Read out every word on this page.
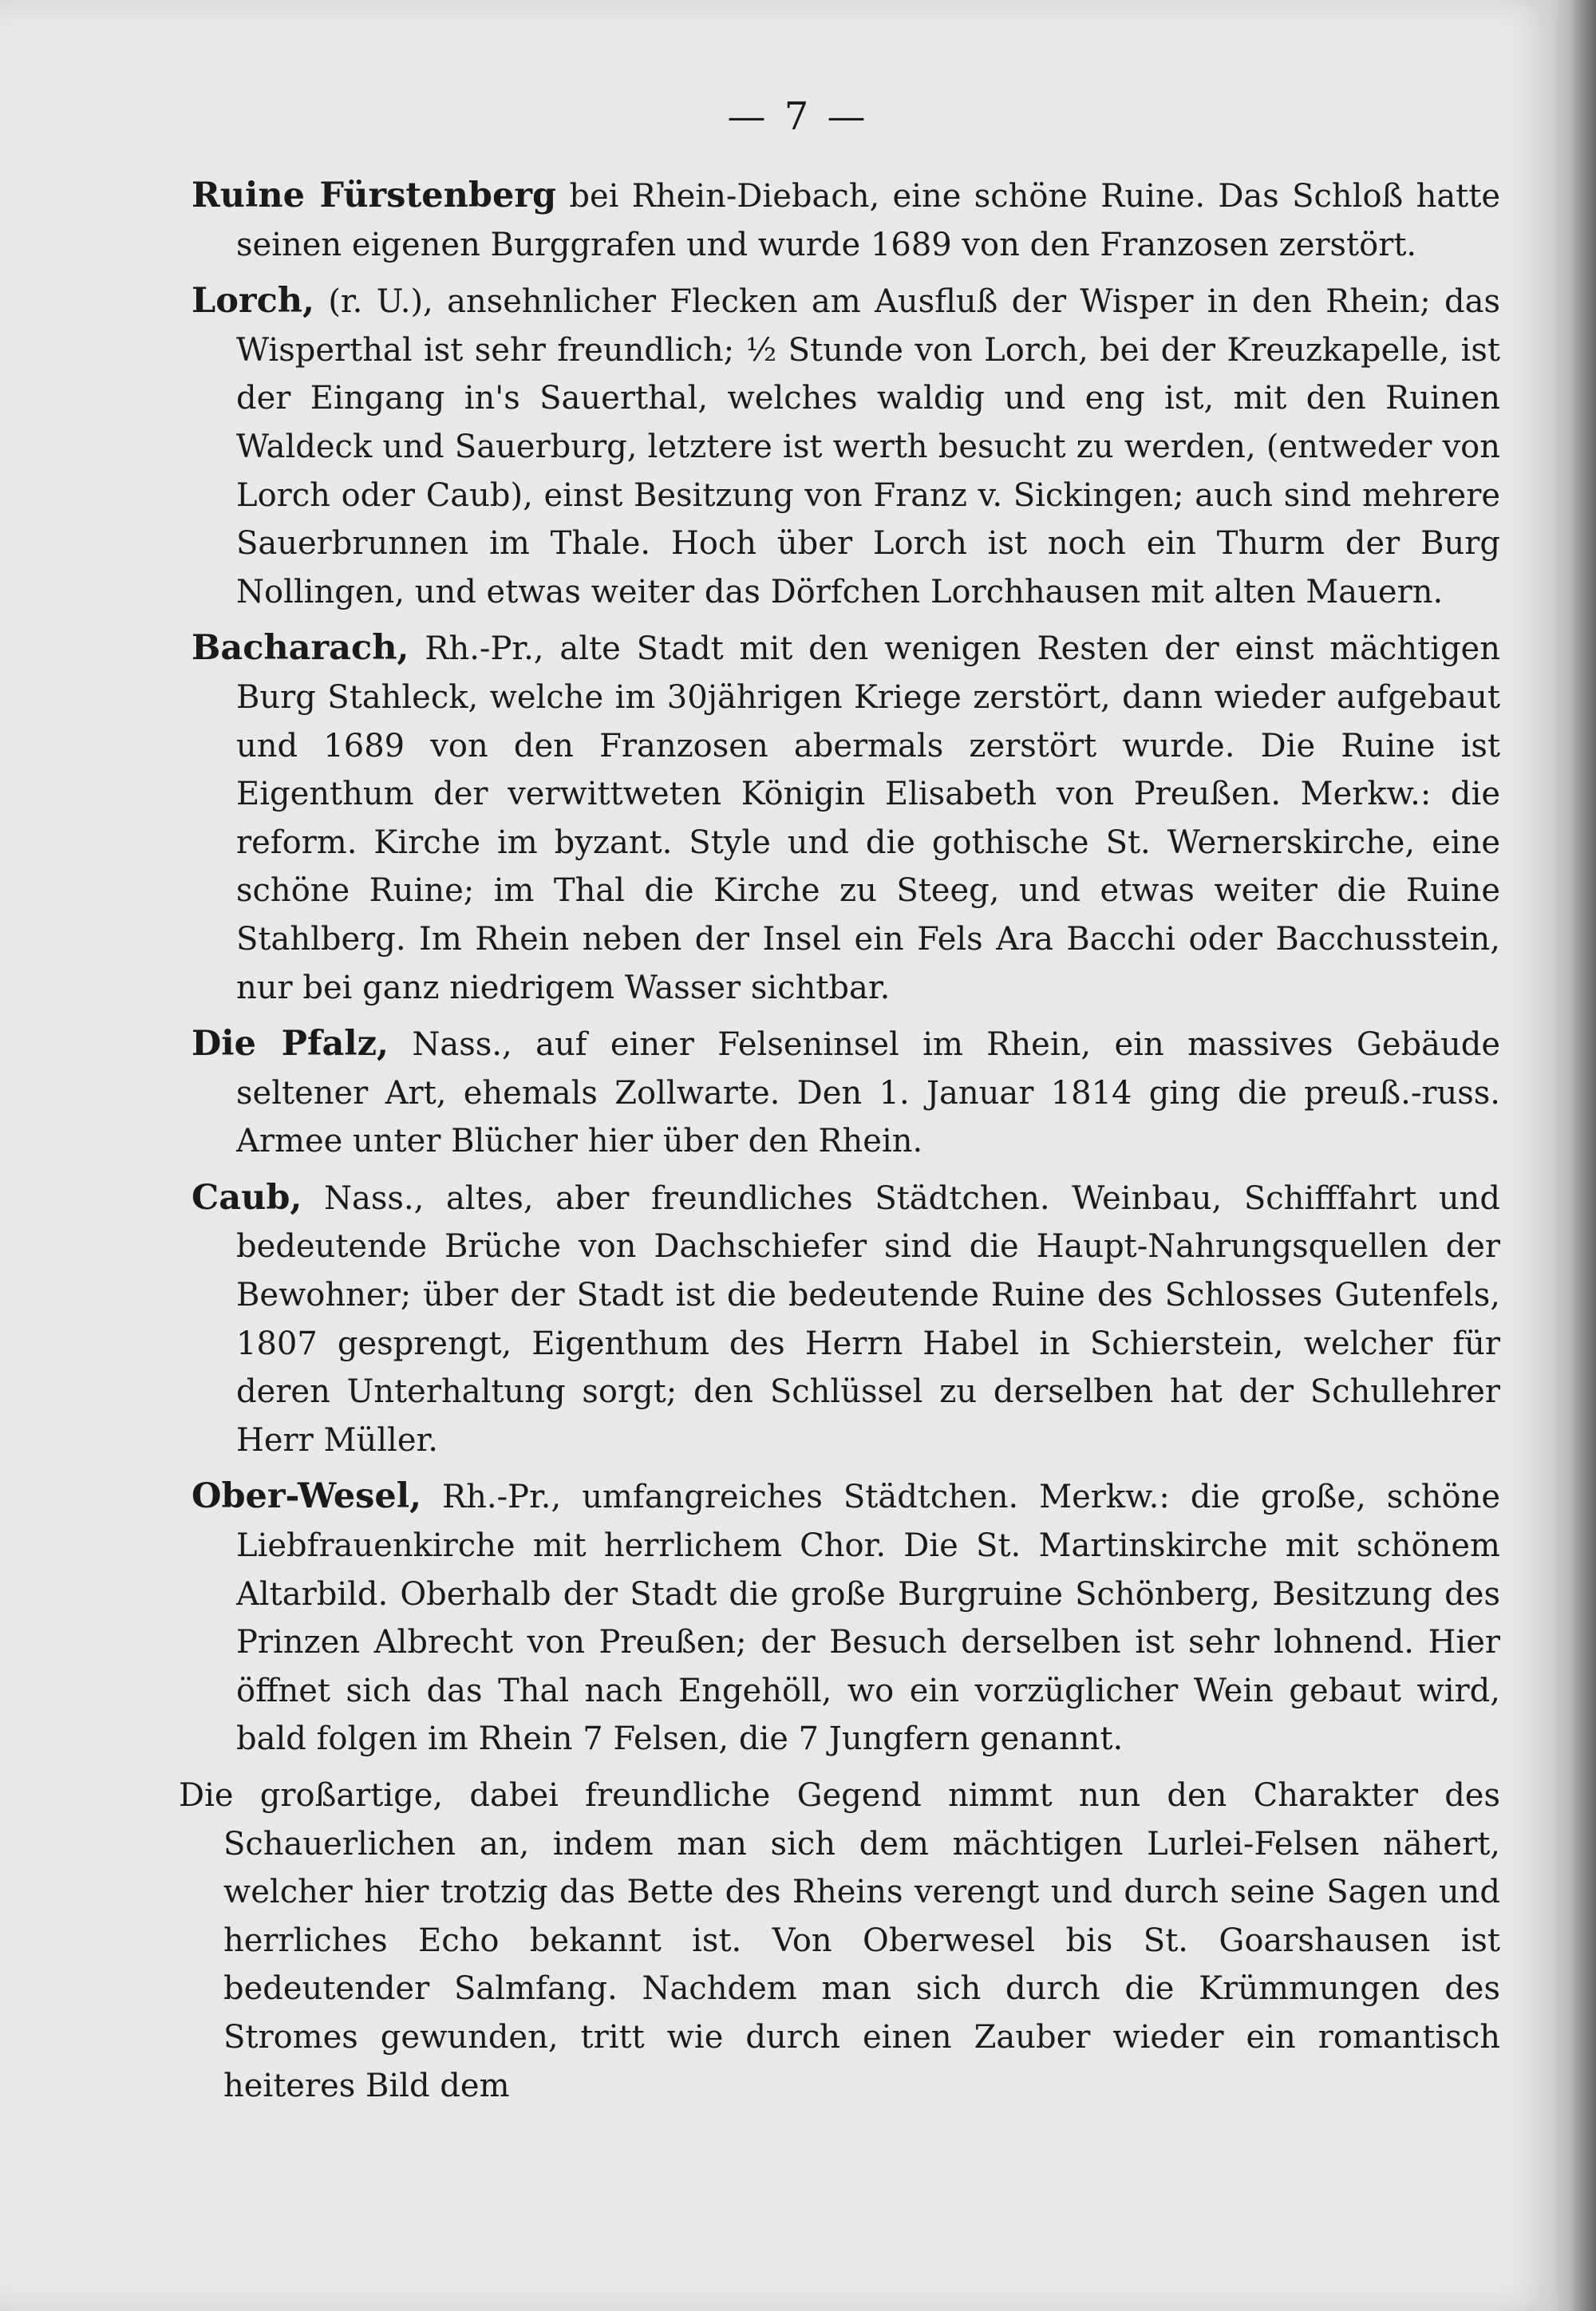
— 7 —

Ruine Fürstenberg bei Rhein-Diebach, eine schöne Ruine. Das Schloß hatte seinen eigenen Burggrafen und wurde 1689 von den Franzosen zerstört.

Lorch, (r. U.), ansehnlicher Flecken am Ausfluß der Wisper in den Rhein; das Wisperthal ist sehr freundlich; ½ Stunde von Lorch, bei der Kreuzkapelle, ist der Eingang in's Sauerthal, welches waldig und eng ist, mit den Ruinen Waldeck und Sauerburg, letztere ist werth besucht zu werden, (entweder von Lorch oder Caub), einst Besitzung von Franz v. Sickingen; auch sind mehrere Sauerbrunnen im Thale. Hoch über Lorch ist noch ein Thurm der Burg Nollingen, und etwas weiter das Dörfchen Lorchhausen mit alten Mauern.

Bacharach, Rh.-Pr., alte Stadt mit den wenigen Resten der einst mächtigen Burg Stahleck, welche im 30jährigen Kriege zerstört, dann wieder aufgebaut und 1689 von den Franzosen abermals zerstört wurde. Die Ruine ist Eigenthum der verwittweten Königin Elisabeth von Preußen. Merkw.: die reform. Kirche im byzant. Style und die gothische St. Wernerskirche, eine schöne Ruine; im Thal die Kirche zu Steeg, und etwas weiter die Ruine Stahlberg. Im Rhein neben der Insel ein Fels Ara Bacchi oder Bacchusstein, nur bei ganz niedrigem Wasser sichtbar.

Die Pfalz, Nass., auf einer Felseninsel im Rhein, ein massives Gebäude seltener Art, ehemals Zollwarte. Den 1. Januar 1814 ging die preuß.-russ. Armee unter Blücher hier über den Rhein.

Caub, Nass., altes, aber freundliches Städtchen. Weinbau, Schifffahrt und bedeutende Brüche von Dachschiefer sind die Haupt-Nahrungsquellen der Bewohner; über der Stadt ist die bedeutende Ruine des Schlosses Gutenfels, 1807 gesprengt, Eigenthum des Herrn Habel in Schierstein, welcher für deren Unterhaltung sorgt; den Schlüssel zu derselben hat der Schullehrer Herr Müller.

Ober-Wesel, Rh.-Pr., umfangreiches Städtchen. Merkw.: die große, schöne Liebfrauenkirche mit herrlichem Chor. Die St. Martinskirche mit schönem Altarbild. Oberhalb der Stadt die große Burgruine Schönberg, Besitzung des Prinzen Albrecht von Preußen; der Besuch derselben ist sehr lohnend. Hier öffnet sich das Thal nach Engehöll, wo ein vorzüglicher Wein gebaut wird, bald folgen im Rhein 7 Felsen, die 7 Jungfern genannt.

Die großartige, dabei freundliche Gegend nimmt nun den Charakter des Schauerlichen an, indem man sich dem mächtigen Lurlei-Felsen nähert, welcher hier trotzig das Bette des Rheins verengt und durch seine Sagen und herrliches Echo bekannt ist. Von Oberwesel bis St. Goarshausen ist bedeutender Salmfang. Nachdem man sich durch die Krümmungen des Stromes gewunden, tritt wie durch einen Zauber wieder ein romantisch heiteres Bild dem
